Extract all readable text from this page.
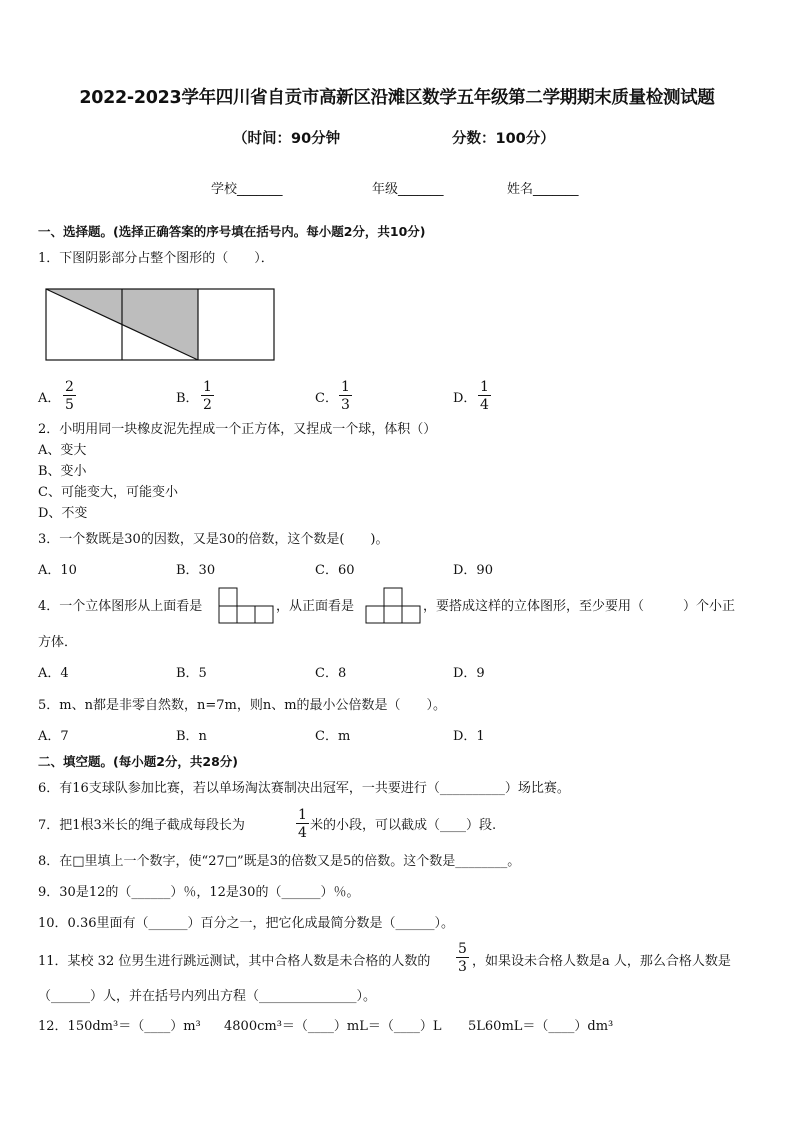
2022-2023学年四川省自贡市高新区沿滩区数学五年级第二学期期末质量检测试题
（时间：90分钟	分数：100分）
学校_______	年级_______	姓名_______
一、选择题。(选择正确答案的序号填在括号内。每小题2分，共10分)
1．下图阴影部分占整个图形的（　　）．
A．
2
5	B．
1
2	C．
1
3	D．
1
4
2．小明用同一块橡皮泥先捏成一个正方体，又捏成一个球，体积（）
A、变大
B、变小
C、可能变大，可能变小
D、不变
3．一个数既是30的因数，又是30的倍数，这个数是(　　)。
A．10	B．30	C．60	D．90
4．一个立体图形从上面看是	，从正面看是	，要搭成这样的立体图形，至少要用（　　　）个小正
方体．
A．4	B．5	C．8	D．9
5．m、n都是非零自然数，n=7m，则n、m的最小公倍数是（　　）。
A．7	B．n	C．m	D．1
二、填空题。(每小题2分，共28分)
6．有16支球队参加比赛，若以单场淘汰赛制决出冠军，一共要进行（__________）场比赛。
7．把1根3米长的绳子截成每段长为
1
4 米的小段，可以截成（____）段.
8．在□里填上一个数字，使“27□”既是3的倍数又是5的倍数。这个数是________。
9．30是12的（______）％，12是30的（______）％。
10．0.36里面有（______）百分之一，把它化成最简分数是（______）。
11．某校 32 位男生进行跳远测试，其中合格人数是未合格的人数的
5
3 ，如果设未合格人数是a 人，那么合格人数是
（______）人，并在括号内列出方程（_______________）。
12．150dm³＝（____）m³ 4800cm³＝（____）mL＝（____）L 5L60mL＝（____）dm³
